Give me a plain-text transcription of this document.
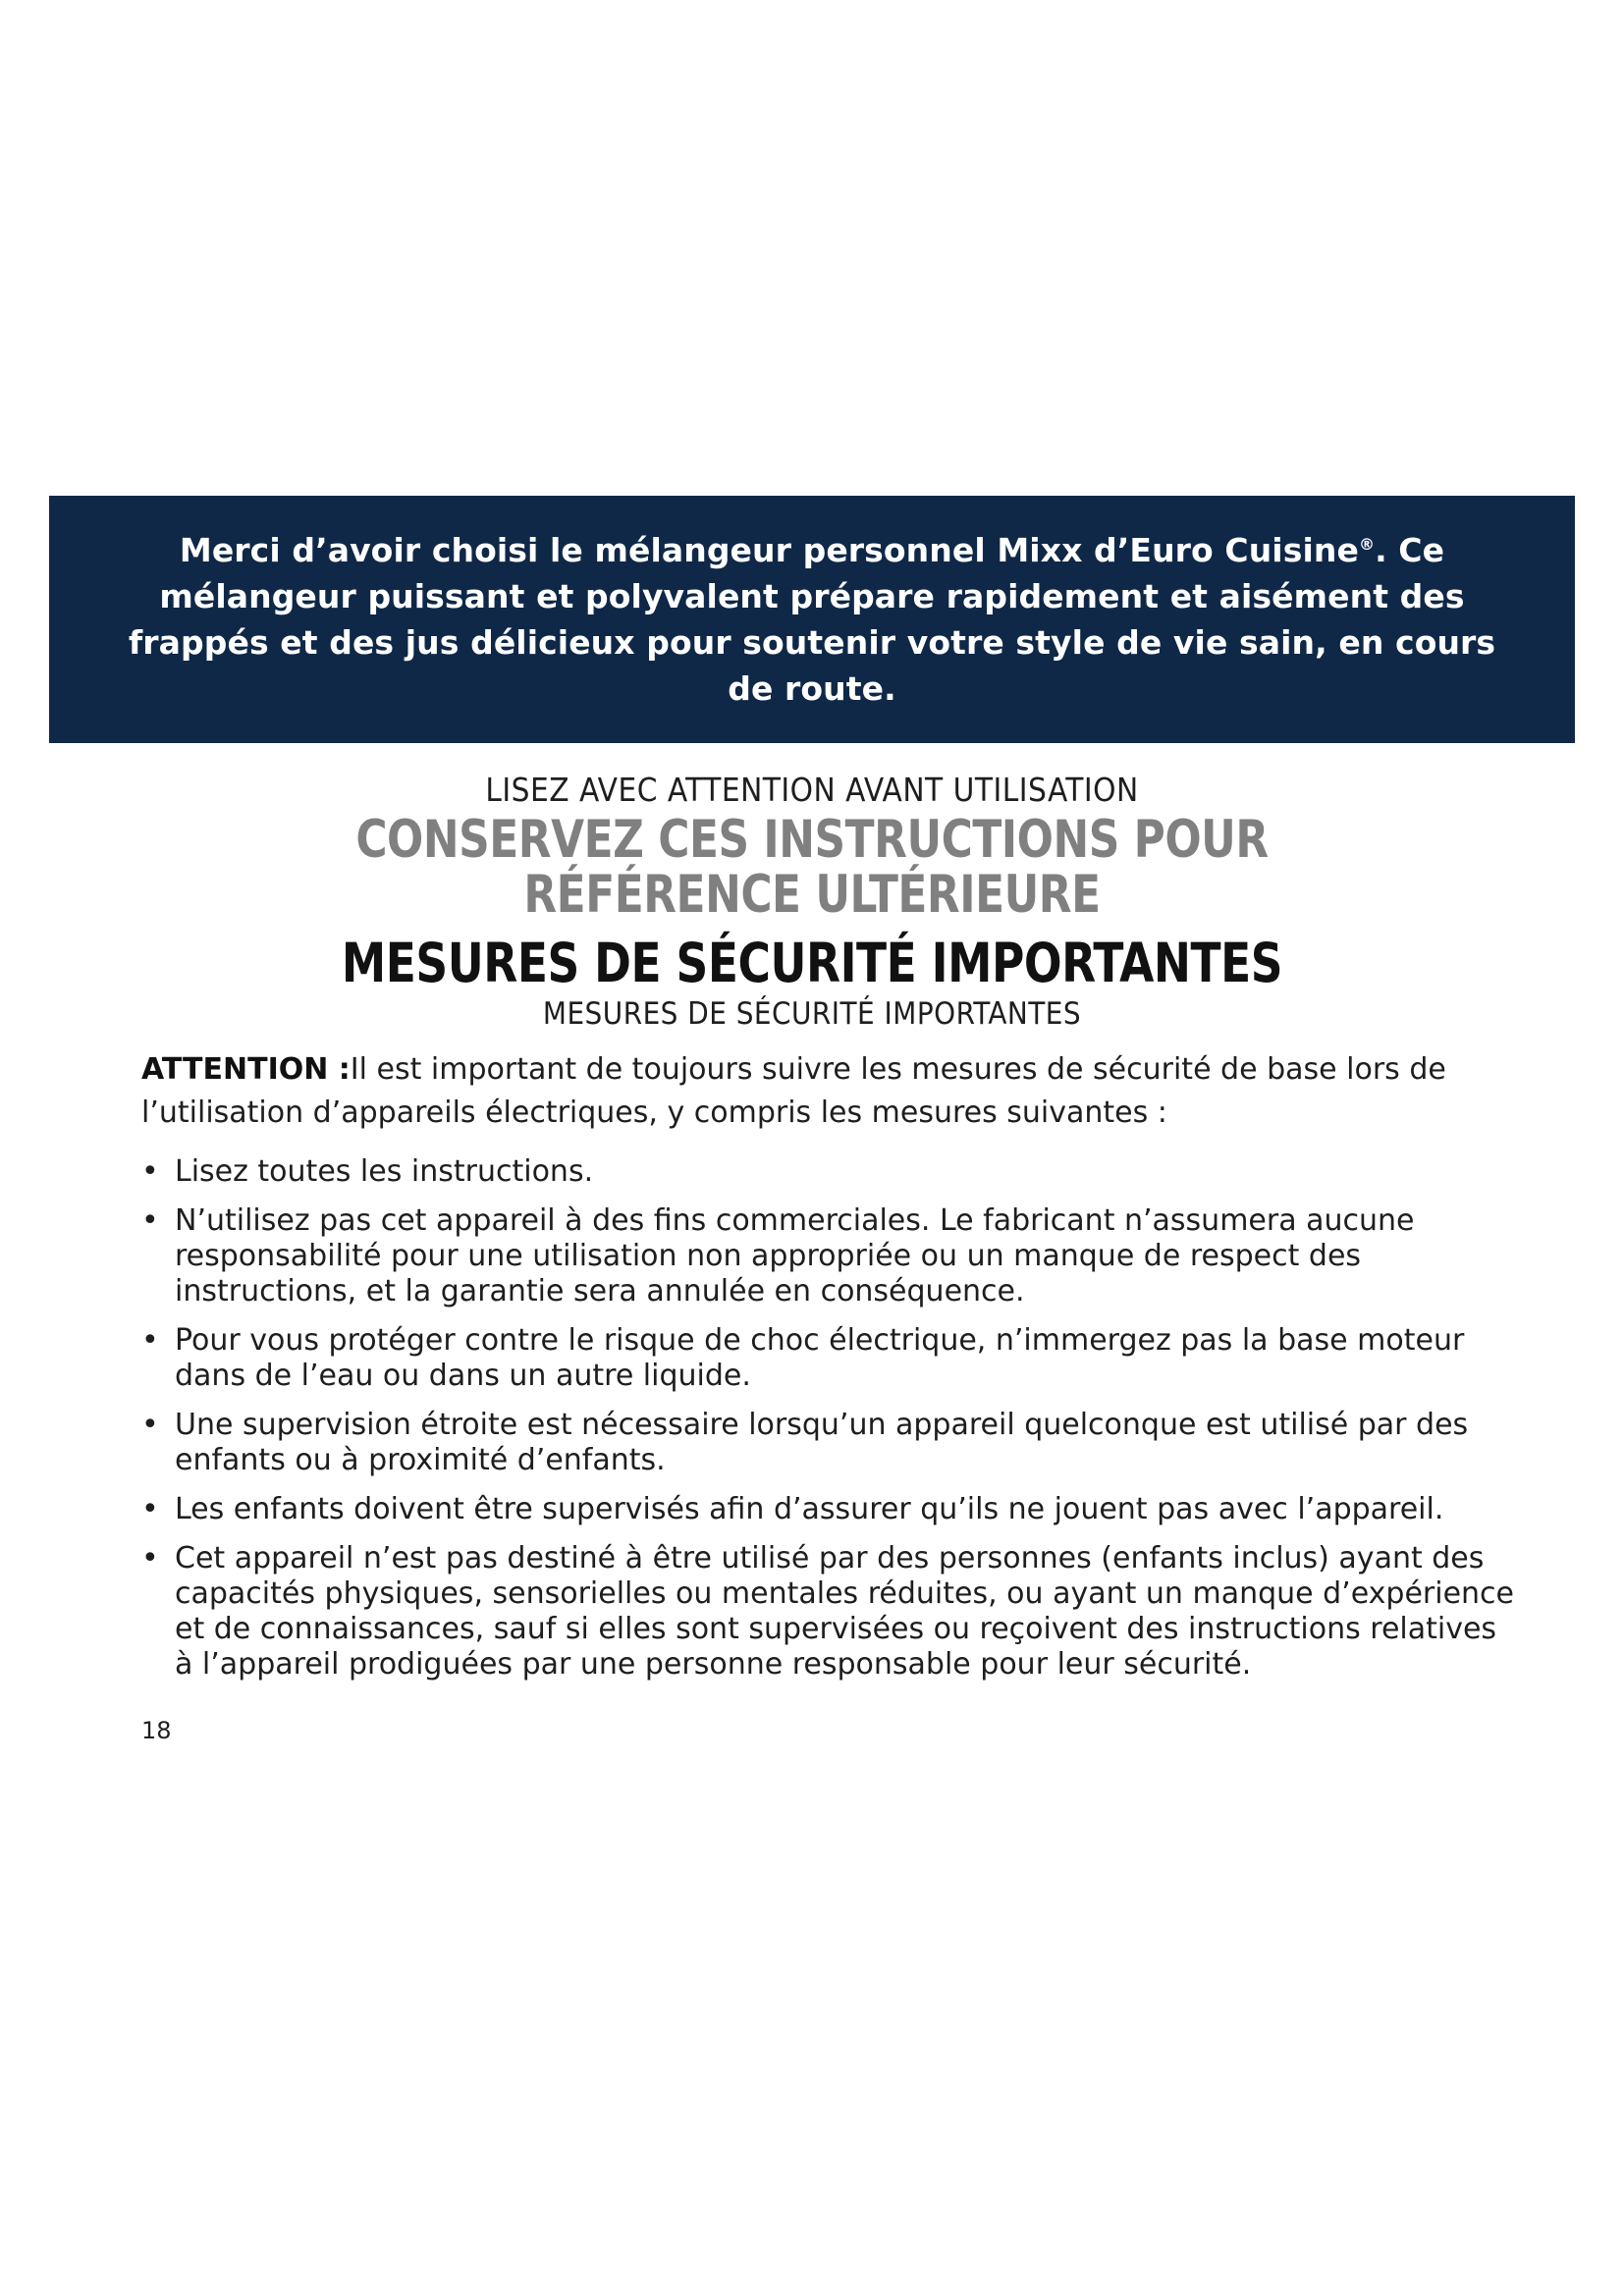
Merci d’avoir choisi le mélangeur personnel Mixx d’Euro Cuisine®. Ce mélangeur puissant et polyvalent prépare rapidement et aisément des frappés et des jus délicieux pour soutenir votre style de vie sain, en cours de route.

LISEZ AVEC ATTENTION AVANT UTILISATION

CONSERVEZ CES INSTRUCTIONS POUR

RÉFÉRENCE ULTÉRIEURE

MESURES DE SÉCURITÉ IMPORTANTES

MESURES DE SÉCURITÉ IMPORTANTES

ATTENTION :Il est important de toujours suivre les mesures de sécurité de base lors de l’utilisation d’appareils électriques, y compris les mesures suivantes :

• Lisez toutes les instructions.
• N’utilisez pas cet appareil à des fins commerciales. Le fabricant n’assumera aucune responsabilité pour une utilisation non appropriée ou un manque de respect des instructions, et la garantie sera annulée en conséquence.
• Pour vous protéger contre le risque de choc électrique, n’immergez pas la base moteur dans de l’eau ou dans un autre liquide.
• Une supervision étroite est nécessaire lorsqu’un appareil quelconque est utilisé par des enfants ou à proximité d’enfants.
• Les enfants doivent être supervisés afin d’assurer qu’ils ne jouent pas avec l’appareil.
• Cet appareil n’est pas destiné à être utilisé par des personnes (enfants inclus) ayant des capacités physiques, sensorielles ou mentales réduites, ou ayant un manque d’expérience et de connaissances, sauf si elles sont supervisées ou reçoivent des instructions relatives à l’appareil prodiguées par une personne responsable pour leur sécurité.
18
